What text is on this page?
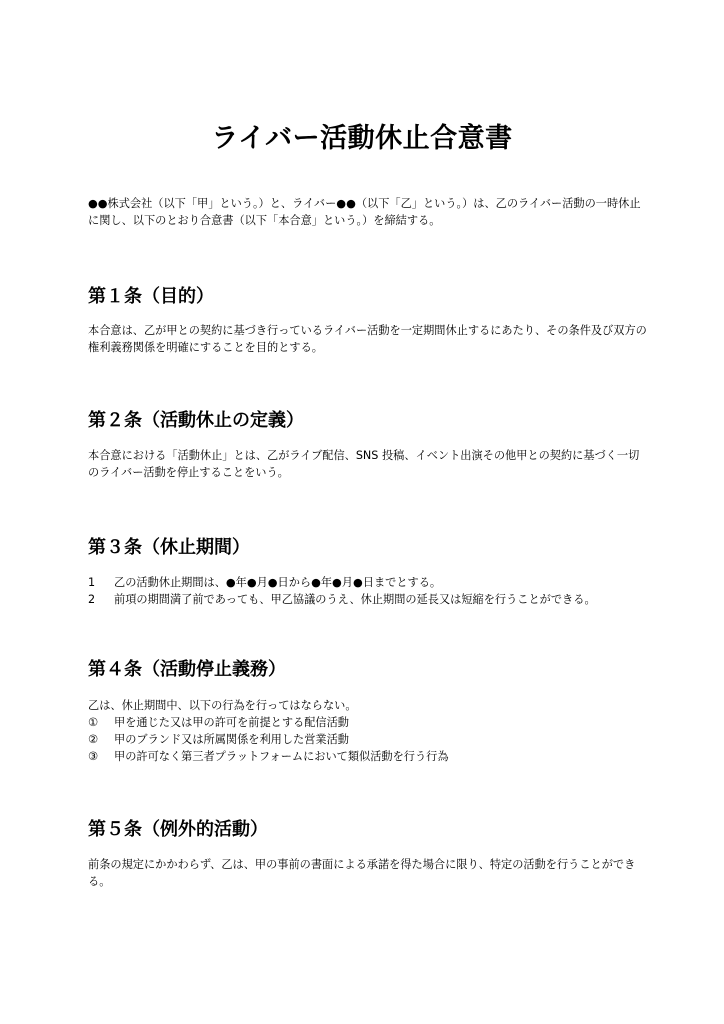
ライバー活動休止合意書

●●株式会社（以下「甲」という。）と、ライバー●●（以下「乙」という。）は、乙のライバー活動の一時休止に関し、以下のとおり合意書（以下「本合意」という。）を締結する。

第１条（目的）

本合意は、乙が甲との契約に基づき行っているライバー活動を一定期間休止するにあたり、その条件及び双方の権利義務関係を明確にすることを目的とする。

第２条（活動休止の定義）

本合意における「活動休止」とは、乙がライブ配信、SNS 投稿、イベント出演その他甲との契約に基づく一切のライバー活動を停止することをいう。

第３条（休止期間）

1 乙の活動休止期間は、●年●月●日から●年●月●日までとする。

2 前項の期間満了前であっても、甲乙協議のうえ、休止期間の延長又は短縮を行うことができる。

第４条（活動停止義務）

乙は、休止期間中、以下の行為を行ってはならない。

① 甲を通じた又は甲の許可を前提とする配信活動

② 甲のブランド又は所属関係を利用した営業活動

③ 甲の許可なく第三者プラットフォームにおいて類似活動を行う行為

第５条（例外的活動）

前条の規定にかかわらず、乙は、甲の事前の書面による承諾を得た場合に限り、特定の活動を行うことができる。
